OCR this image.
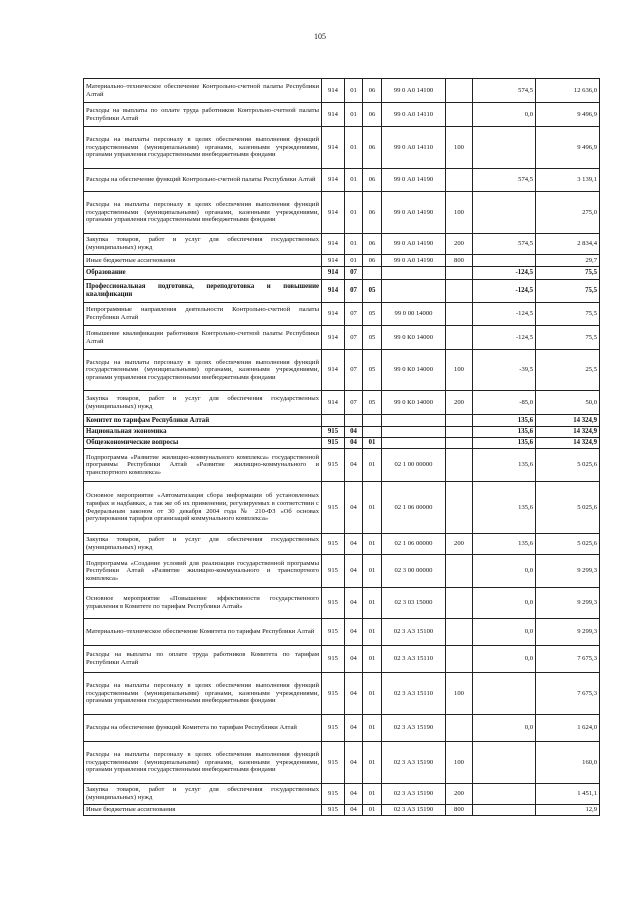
105
Материально–техническое обеспечение Контрольно-счетной палаты Республики Алтай	914	01	06	99 0 А0 14100		574,5	12 636,0
Расходы на выплаты по оплате труда работников Контрольно-счетной палаты Республики Алтай	914	01	06	99 0 А0 14110		0,0	9 496,9
Расходы на выплаты персоналу в целях обеспечения выполнения функций государственными (муниципальными) органами, казенными учреждениями, органами управления государственными внебюджетными фондами	914	01	06	99 0 А0 14110	100		9 496,9
Расходы на обеспечение функций Контрольно-счетной палаты Республики Алтай	914	01	06	99 0 А0 14190		574,5	3 139,1
Расходы на выплаты персоналу в целях обеспечения выполнения функций государственными (муниципальными) органами, казенными учреждениями, органами управления государственными внебюджетными фондами	914	01	06	99 0 А0 14190	100		275,0
Закупка товаров, работ и услуг для обеспечения государственных (муниципальных) нужд	914	01	06	99 0 А0 14190	200	574,5	2 834,4
Иные бюджетные ассигнования	914	01	06	99 0 А0 14190	800		29,7
Образование	914	07				-124,5	75,5
Профессиональная подготовка, переподготовка и повышение квалификации	914	07	05			-124,5	75,5
Непрограммные направления деятельности Контрольно-счетной палаты Республики Алтай	914	07	05	99 0 00 14000		-124,5	75,5
Повышение квалификации работников Контрольно-счетной палаты Республики Алтай	914	07	05	99 0 К0 14000		-124,5	75,5
Расходы на выплаты персоналу в целях обеспечения выполнения функций государственными (муниципальными) органами, казенными учреждениями, органами управления государственными внебюджетными фондами	914	07	05	99 0 К0 14000	100	-39,5	25,5
Закупка товаров, работ и услуг для обеспечения государственных (муниципальных) нужд	914	07	05	99 0 К0 14000	200	-85,0	50,0
Комитет по тарифам Республики Алтай						135,6	14 324,9
Национальная экономика	915	04				135,6	14 324,9
Общеэкономические вопросы	915	04	01			135,6	14 324,9
Подпрограмма «Развитие жилищно-коммунального комплекса» государственной программы Республики Алтай «Развитие жилищно-коммунального и транспортного комплекса»	915	04	01	02 1 00 00000		135,6	5 025,6
Основное мероприятие «Автоматизация сбора информации об установленных тарифах и надбавках, а так же об их применении, регулируемых в соответствии с Федеральным законом от 30 декабря 2004 года № 210-ФЗ «Об основах регулирования тарифов организаций коммунального комплекса»	915	04	01	02 1 06 00000		135,6	5 025,6
Закупка товаров, работ и услуг для обеспечения государственных (муниципальных) нужд	915	04	01	02 1 06 00000	200	135,6	5 025,6
Подпрограмма «Создание условий для реализации государственной программы Республики Алтай «Развитие жилищно-коммунального и транспортного комплекса»	915	04	01	02 3 00 00000		0,0	9 299,3
Основное мероприятие «Повышение эффективности государственного управления в Комитете по тарифам Республики Алтай»	915	04	01	02 3 03 15000		0,0	9 299,3
Материально–техническое обеспечение Комитета по тарифам Республики Алтай	915	04	01	02 3 А3 15100		0,0	9 299,3
Расходы на выплаты по оплате труда работников Комитета по тарифам Республики Алтай	915	04	01	02 3 А3 15110		0,0	7 675,3
Расходы на выплаты персоналу в целях обеспечения выполнения функций государственными (муниципальными) органами, казенными учреждениями, органами управления государственными внебюджетными фондами	915	04	01	02 3 А3 15110	100		7 675,3
Расходы на обеспечение функций Комитета по тарифам Республики Алтай	915	04	01	02 3 А3 15190		0,0	1 624,0
Расходы на выплаты персоналу в целях обеспечения выполнения функций государственными (муниципальными) органами, казенными учреждениями, органами управления государственными внебюджетными фондами	915	04	01	02 3 А3 15190	100		160,0
Закупка товаров, работ и услуг для обеспечения государственных (муниципальных) нужд	915	04	01	02 3 А3 15190	200		1 451,1
Иные бюджетные ассигнования	915	04	01	02 3 А3 15190	800		12,9
